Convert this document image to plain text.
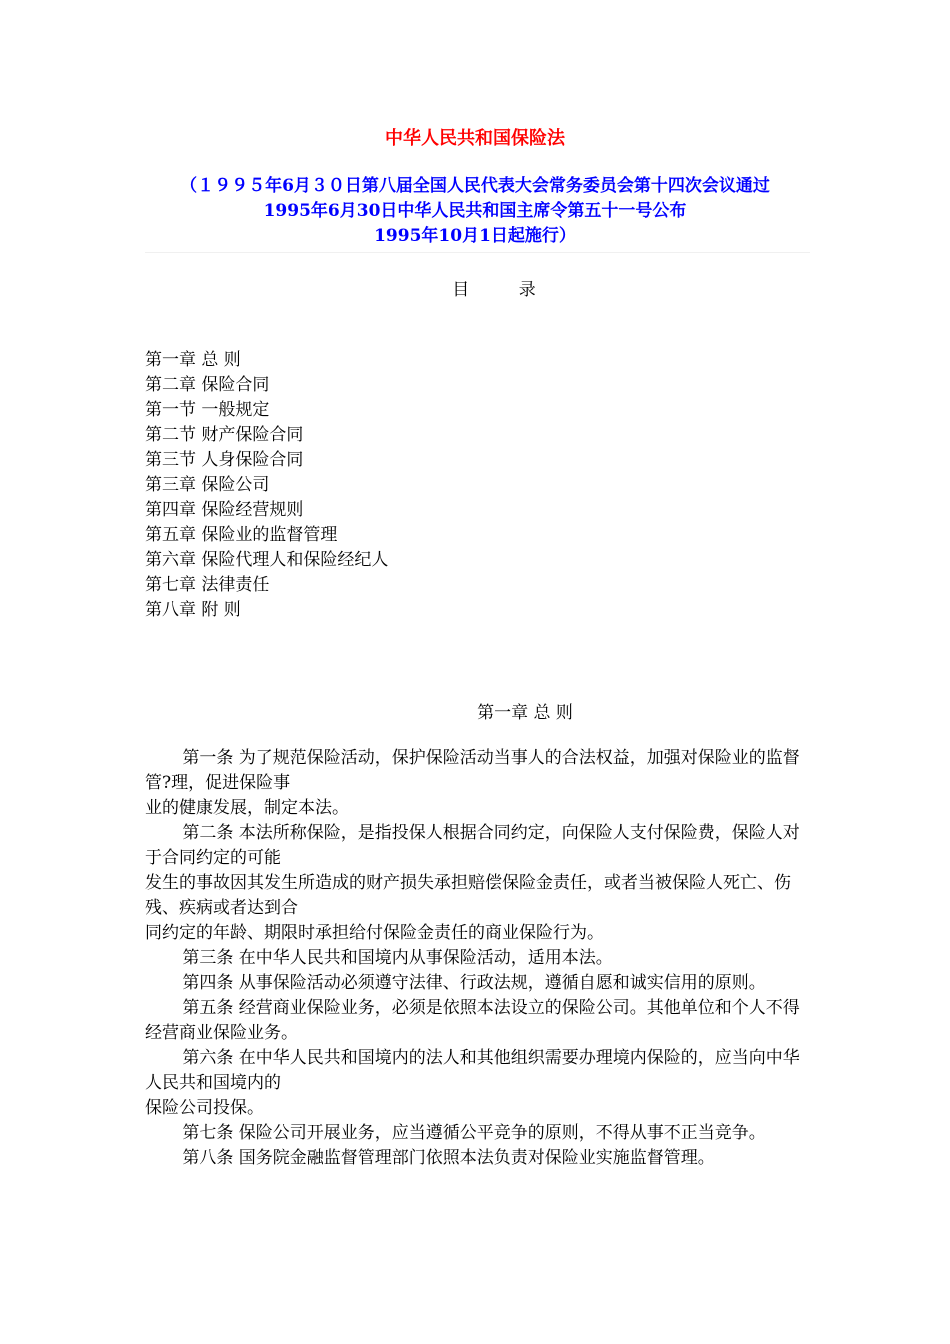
中华人民共和国保险法
（１９９５年6月３０日第八届全国人民代表大会常务委员会第十四次会议通过
1995年6月30日中华人民共和国主席令第五十一号公布
1995年10月1日起施行）
目 录
第一章 总 则
第二章 保险合同
第一节 一般规定
第二节 财产保险合同
第三节 人身保险合同
第三章 保险公司
第四章 保险经营规则
第五章 保险业的监督管理
第六章 保险代理人和保险经纪人
第七章 法律责任
第八章 附 则
第一章 总 则

第一条 为了规范保险活动，保护保险活动当事人的合法权益，加强对保险业的监督管?理，促进保险事

业的健康发展，制定本法。

第二条 本法所称保险，是指投保人根据合同约定，向保险人支付保险费，保险人对于合同约定的可能

发生的事故因其发生所造成的财产损失承担赔偿保险金责任，或者当被保险人死亡、伤残、疾病或者达到合

同约定的年龄、期限时承担给付保险金责任的商业保险行为。

第三条 在中华人民共和国境内从事保险活动，适用本法。

第四条 从事保险活动必须遵守法律、行政法规，遵循自愿和诚实信用的原则。

第五条 经营商业保险业务，必须是依照本法设立的保险公司。其他单位和个人不得经营商业保险业务。

第六条 在中华人民共和国境内的法人和其他组织需要办理境内保险的，应当向中华人民共和国境内的

保险公司投保。

第七条 保险公司开展业务，应当遵循公平竞争的原则，不得从事不正当竞争。

第八条 国务院金融监督管理部门依照本法负责对保险业实施监督管理。
